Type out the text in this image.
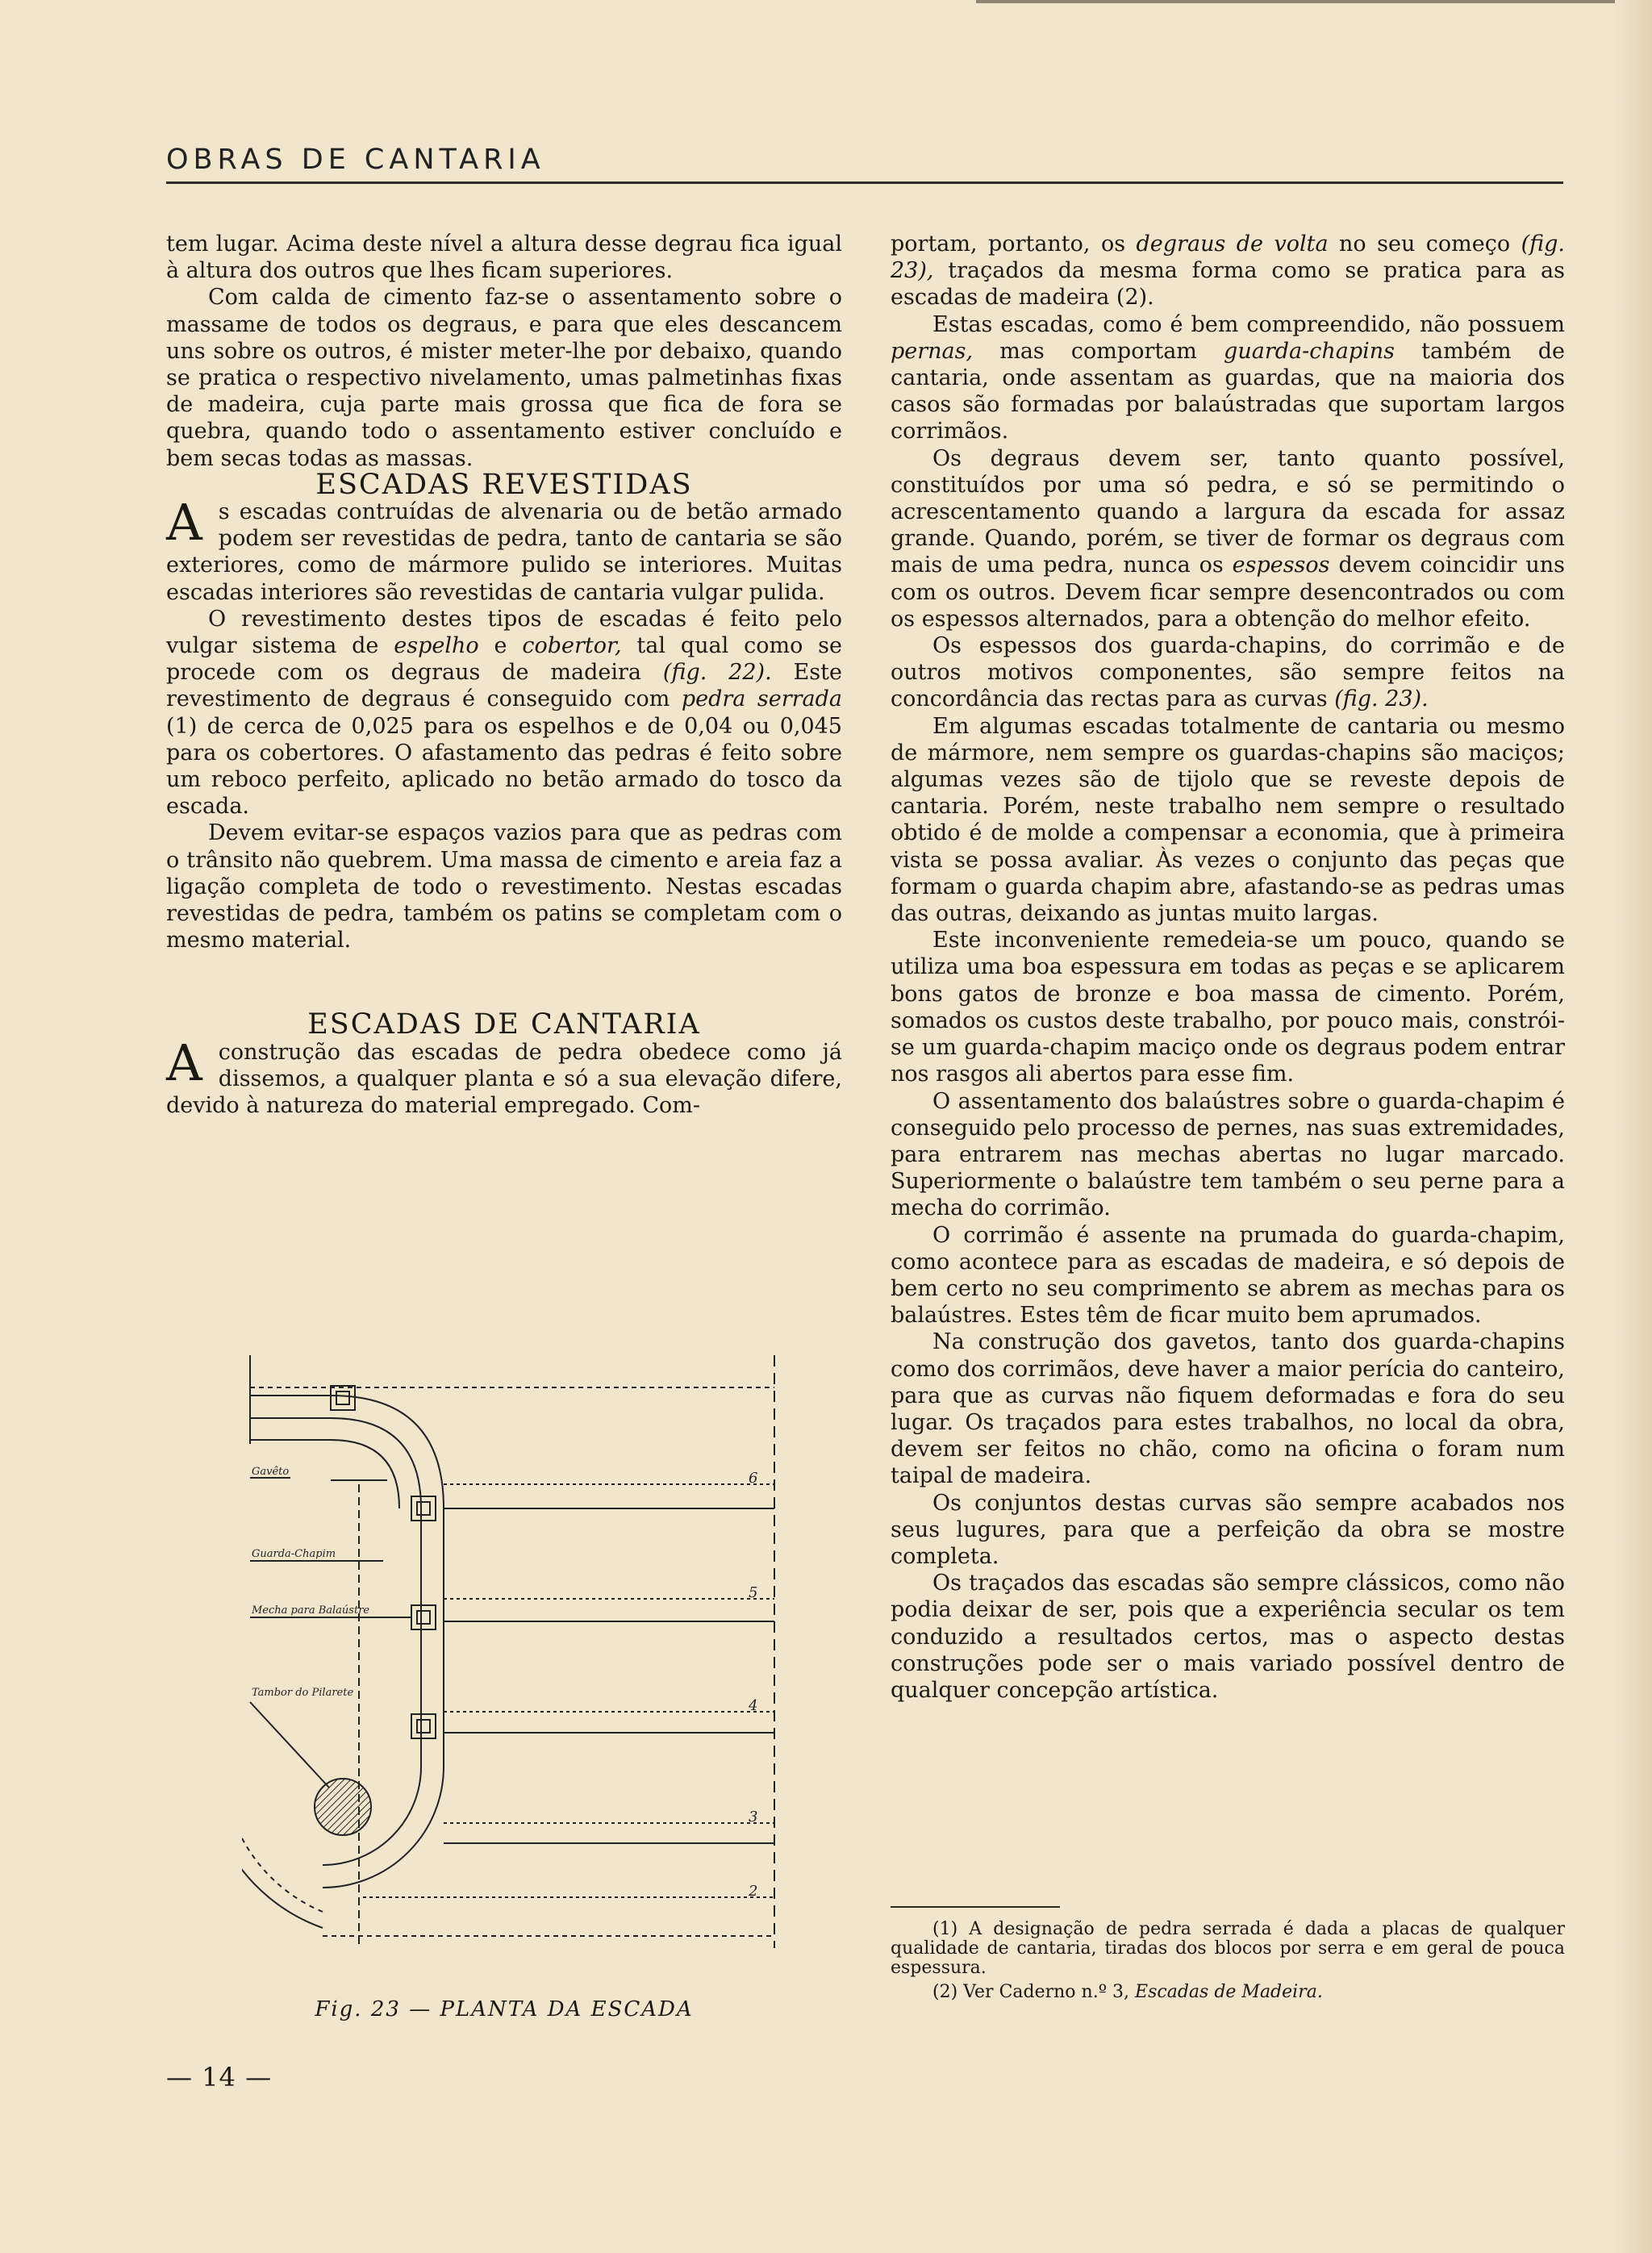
OBRAS DE CANTARIA

tem lugar. Acima deste nível a altura desse degrau fica igual à altura dos outros que lhes ficam superiores.

Com calda de cimento faz-se o assentamento sobre o massame de todos os degraus, e para que eles descancem uns sobre os outros, é mister meter-lhe por debaixo, quando se pratica o respectivo nivelamento, umas palmetinhas fixas de madeira, cuja parte mais grossa que fica de fora se quebra, quando todo o assentamento estiver concluído e bem secas todas as massas.

ESCADAS REVESTIDAS

As escadas contruídas de alvenaria ou de betão armado podem ser revestidas de pedra, tanto de cantaria se são exteriores, como de mármore pulido se interiores. Muitas escadas interiores são revestidas de cantaria vulgar pulida.

O revestimento destes tipos de escadas é feito pelo vulgar sistema de espelho e cobertor, tal qual como se procede com os degraus de madeira (fig. 22). Este revestimento de degraus é conseguido com pedra serrada (1) de cerca de 0,025 para os espelhos e de 0,04 ou 0,045 para os cobertores. O afastamento das pedras é feito sobre um reboco perfeito, aplicado no betão armado do tosco da escada.

Devem evitar-se espaços vazios para que as pedras com o trânsito não quebrem. Uma massa de cimento e areia faz a ligação completa de todo o revestimento. Nestas escadas revestidas de pedra, também os patins se completam com o mesmo material.

ESCADAS DE CANTARIA

Aconstrução das escadas de pedra obedece como já dissemos, a qualquer planta e só a sua elevação difere, devido à natureza do material empregado. Com-

Gavêto
Guarda-Chapim
Mecha para Balaústre
Tambor do Pilarete
6
5
4
3
2
Fig. 23 — PLANTA DA ESCADA
— 14 —

portam, portanto, os degraus de volta no seu começo (fig. 23), traçados da mesma forma como se pratica para as escadas de madeira (2).

Estas escadas, como é bem compreendido, não possuem pernas, mas comportam guarda-chapins também de cantaria, onde assentam as guardas, que na maioria dos casos são formadas por balaústradas que suportam largos corrimãos.

Os degraus devem ser, tanto quanto possível, constituídos por uma só pedra, e só se permitindo o acrescentamento quando a largura da escada for assaz grande. Quando, porém, se tiver de formar os degraus com mais de uma pedra, nunca os espessos devem coincidir uns com os outros. Devem ficar sempre desencontrados ou com os espessos alternados, para a obtenção do melhor efeito.

Os espessos dos guarda-chapins, do corrimão e de outros motivos componentes, são sempre feitos na concordância das rectas para as curvas (fig. 23).

Em algumas escadas totalmente de cantaria ou mesmo de mármore, nem sempre os guardas-chapins são maciços; algumas vezes são de tijolo que se reveste depois de cantaria. Porém, neste trabalho nem sempre o resultado obtido é de molde a compensar a economia, que à primeira vista se possa avaliar. Às vezes o conjunto das peças que formam o guarda chapim abre, afastando-se as pedras umas das outras, deixando as juntas muito largas.

Este inconveniente remedeia-se um pouco, quando se utiliza uma boa espessura em todas as peças e se aplicarem bons gatos de bronze e boa massa de cimento. Porém, somados os custos deste trabalho, por pouco mais, constrói-se um guarda-chapim maciço onde os degraus podem entrar nos rasgos ali abertos para esse fim.

O assentamento dos balaústres sobre o guarda-chapim é conseguido pelo processo de pernes, nas suas extremidades, para entrarem nas mechas abertas no lugar marcado. Superiormente o balaústre tem também o seu perne para a mecha do corrimão.

O corrimão é assente na prumada do guarda-chapim, como acontece para as escadas de madeira, e só depois de bem certo no seu comprimento se abrem as mechas para os balaústres. Estes têm de ficar muito bem aprumados.

Na construção dos gavetos, tanto dos guarda-chapins como dos corrimãos, deve haver a maior perícia do canteiro, para que as curvas não fiquem deformadas e fora do seu lugar. Os traçados para estes trabalhos, no local da obra, devem ser feitos no chão, como na oficina o foram num taipal de madeira.

Os conjuntos destas curvas são sempre acabados nos seus lugures, para que a perfeição da obra se mostre completa.

Os traçados das escadas são sempre clássicos, como não podia deixar de ser, pois que a experiência secular os tem conduzido a resultados certos, mas o aspecto destas construções pode ser o mais variado possível dentro de qualquer concepção artística.

(1) A designação de pedra serrada é dada a placas de qualquer qualidade de cantaria, tiradas dos blocos por serra e em geral de pouca espessura.

(2) Ver Caderno n.º 3, Escadas de Madeira.
